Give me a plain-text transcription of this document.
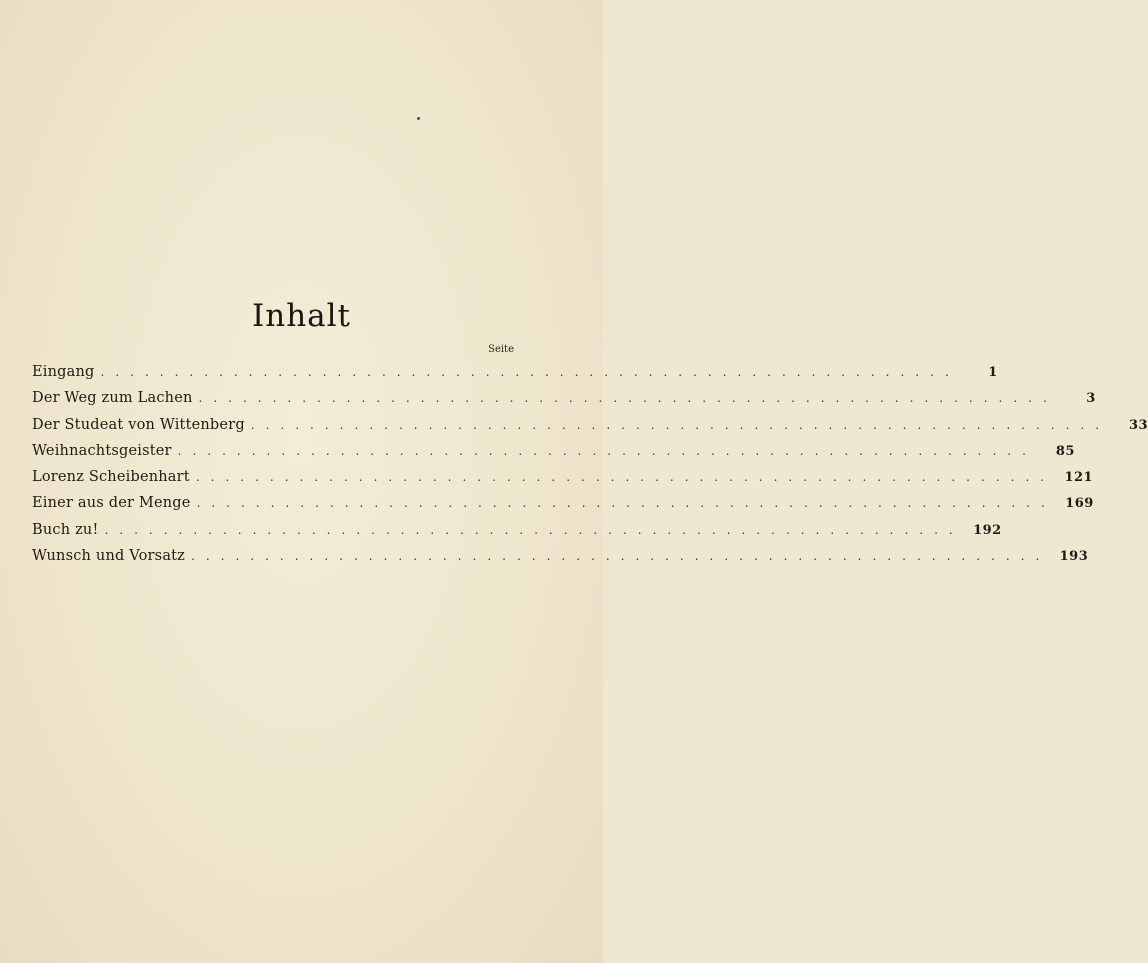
Inhalt
Seite
Eingang ..........................................................	1
Der Weg zum Lachen ..........................................................	3
Der Studeat von Wittenberg ..........................................................	33
Weihnachtsgeister ..........................................................	85
Lorenz Scheibenhart .......................................................... 121
Einer aus der Menge .......................................................... 169
Buch zu! .......................................................... 192
Wunsch und Vorsatz .......................................................... 193
